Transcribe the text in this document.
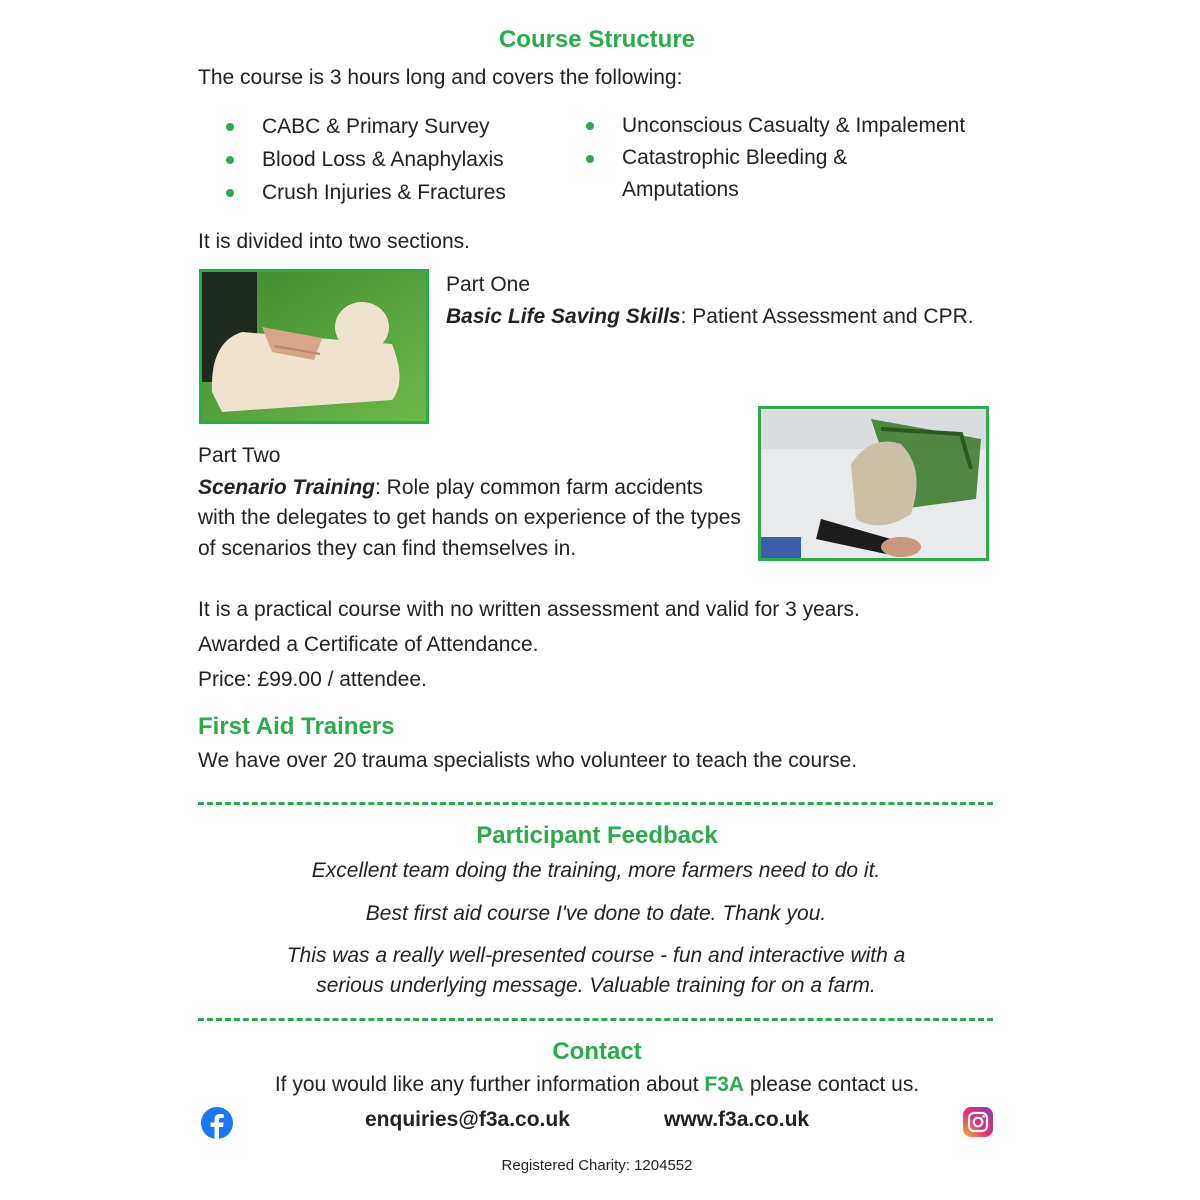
Course Structure
The course is 3 hours long and covers the following:
CABC & Primary Survey
Blood Loss & Anaphylaxis
Crush Injuries & Fractures
Unconscious Casualty & Impalement
Catastrophic Bleeding & Amputations
It is divided into two sections.
Part One
Basic Life Saving Skills: Patient Assessment and CPR.
Part Two
Scenario Training: Role play common farm accidents with the delegates to get hands on experience of the types of scenarios they can find themselves in.
It is a practical course with no written assessment and valid for 3 years.
Awarded a Certificate of Attendance.
Price: £99.00 / attendee.
First Aid Trainers
We have over 20 trauma specialists who volunteer to teach the course.
Participant Feedback
Excellent team doing the training, more farmers need to do it.
Best first aid course I've done to date. Thank you.
This was a really well-presented course - fun and interactive with a serious underlying message. Valuable training for on a farm.
Contact
If you would like any further information about F3A please contact us.
enquiries@f3a.co.uk	www.f3a.co.uk
Registered Charity: 1204552
